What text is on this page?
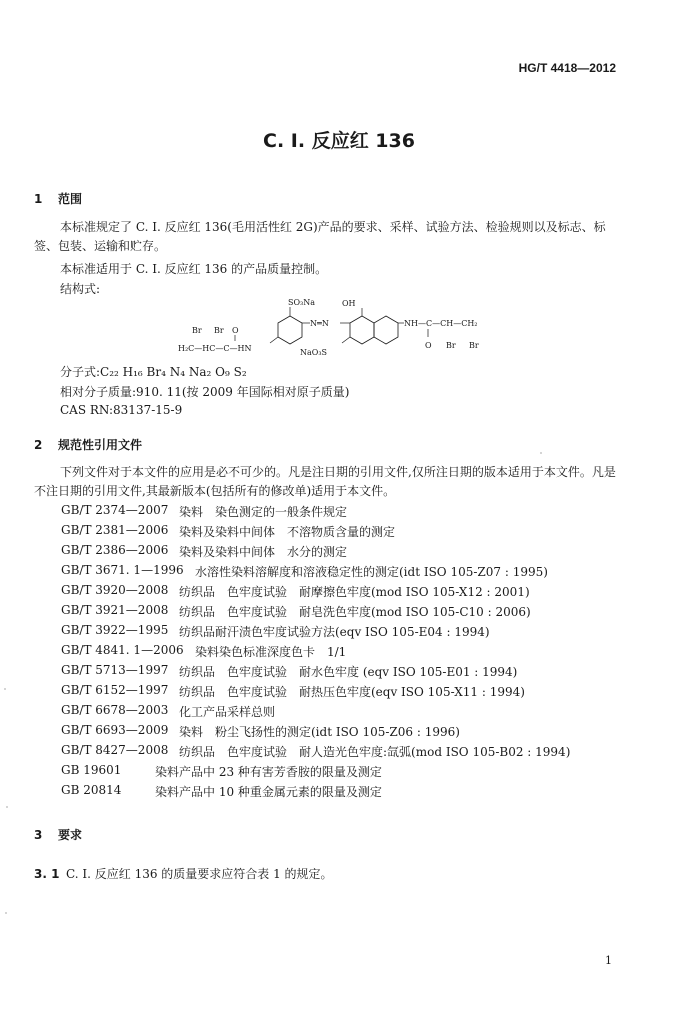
HG/T 4418—2012
C. I. 反应红 136
1 范围
本标准规定了 C. I. 反应红 136(毛用活性红 2G)产品的要求、采样、试验方法、检验规则以及标志、标签、包装、运输和贮存。
本标准适用于 C. I. 反应红 136 的产品质量控制。
结构式:
Br Br O
H₂C—HC—C—HN
SO₃Na
N═N
OH
NaO₃S
NH—C—CH—CH₂
O Br Br
分子式:C₂₂ H₁₆ Br₄ N₄ Na₂ O₉ S₂
相对分子质量:910. 11(按 2009 年国际相对原子质量)
CAS RN:83137-15-9
2 规范性引用文件
下列文件对于本文件的应用是必不可少的。凡是注日期的引用文件,仅所注日期的版本适用于本文件。凡是不注日期的引用文件,其最新版本(包括所有的修改单)适用于本文件。
GB/T 2374—2007 染料　染色测定的一般条件规定
GB/T 2381—2006 染料及染料中间体　不溶物质含量的测定
GB/T 2386—2006 染料及染料中间体　水分的测定
GB/T 3671. 1—1996 水溶性染料溶解度和溶液稳定性的测定(idt ISO 105-Z07 : 1995)
GB/T 3920—2008 纺织品　色牢度试验　耐摩擦色牢度(mod ISO 105-X12 : 2001)
GB/T 3921—2008 纺织品　色牢度试验　耐皂洗色牢度(mod ISO 105-C10 : 2006)
GB/T 3922—1995 纺织品耐汗渍色牢度试验方法(eqv ISO 105-E04 : 1994)
GB/T 4841. 1—2006 染料染色标准深度色卡　1/1
GB/T 5713—1997 纺织品　色牢度试验　耐水色牢度 (eqv ISO 105-E01 : 1994)
GB/T 6152—1997 纺织品　色牢度试验　耐热压色牢度(eqv ISO 105-X11 : 1994)
GB/T 6678—2003 化工产品采样总则
GB/T 6693—2009 染料　粉尘飞扬性的测定(idt ISO 105-Z06 : 1996)
GB/T 8427—2008 纺织品　色牢度试验　耐人造光色牢度:氙弧(mod ISO 105-B02 : 1994)
GB 19601	染料产品中 23 种有害芳香胺的限量及测定
GB 20814	染料产品中 10 种重金属元素的限量及测定
3 要求
3. 1 C. I. 反应红 136 的质量要求应符合表 1 的规定。
1
